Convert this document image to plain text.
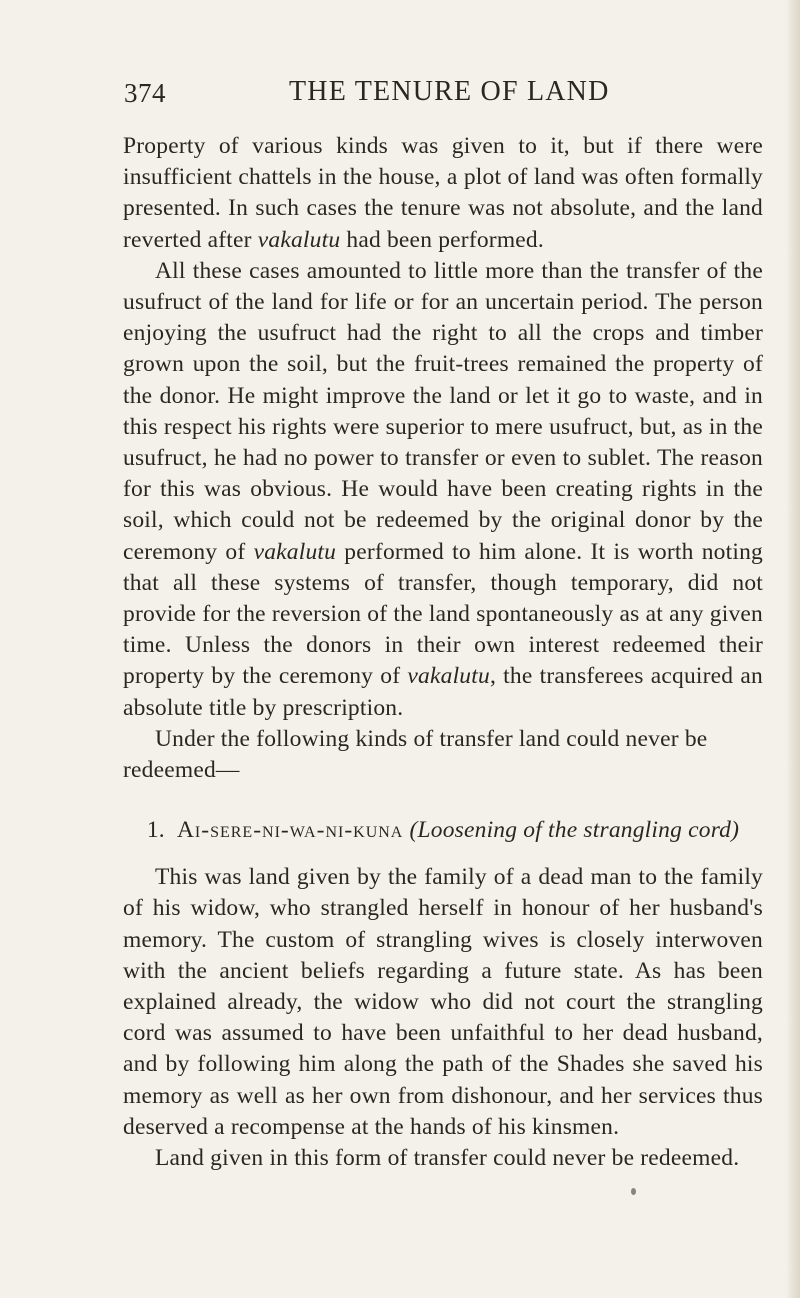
374	THE TENURE OF LAND

Property of various kinds was given to it, but if there were insufficient chattels in the house, a plot of land was often formally presented. In such cases the tenure was not absolute, and the land reverted after vakalutu had been performed.

All these cases amounted to little more than the transfer of the usufruct of the land for life or for an uncertain period. The person enjoying the usufruct had the right to all the crops and timber grown upon the soil, but the fruit-trees remained the property of the donor. He might improve the land or let it go to waste, and in this respect his rights were superior to mere usufruct, but, as in the usufruct, he had no power to transfer or even to sublet. The reason for this was obvious. He would have been creating rights in the soil, which could not be redeemed by the original donor by the ceremony of vakalutu performed to him alone. It is worth noting that all these systems of transfer, though temporary, did not provide for the reversion of the land spontaneously as at any given time. Unless the donors in their own interest redeemed their property by the ceremony of vakalutu, the transferees acquired an absolute title by prescription.

Under the following kinds of transfer land could never be redeemed—

1. Ai-sere-ni-wa-ni-kuna (Loosening of the strangling cord)

This was land given by the family of a dead man to the family of his widow, who strangled herself in honour of her husband's memory. The custom of strangling wives is closely interwoven with the ancient beliefs regarding a future state. As has been explained already, the widow who did not court the strangling cord was assumed to have been unfaithful to her dead husband, and by following him along the path of the Shades she saved his memory as well as her own from dishonour, and her services thus deserved a recompense at the hands of his kinsmen.

Land given in this form of transfer could never be redeemed.
